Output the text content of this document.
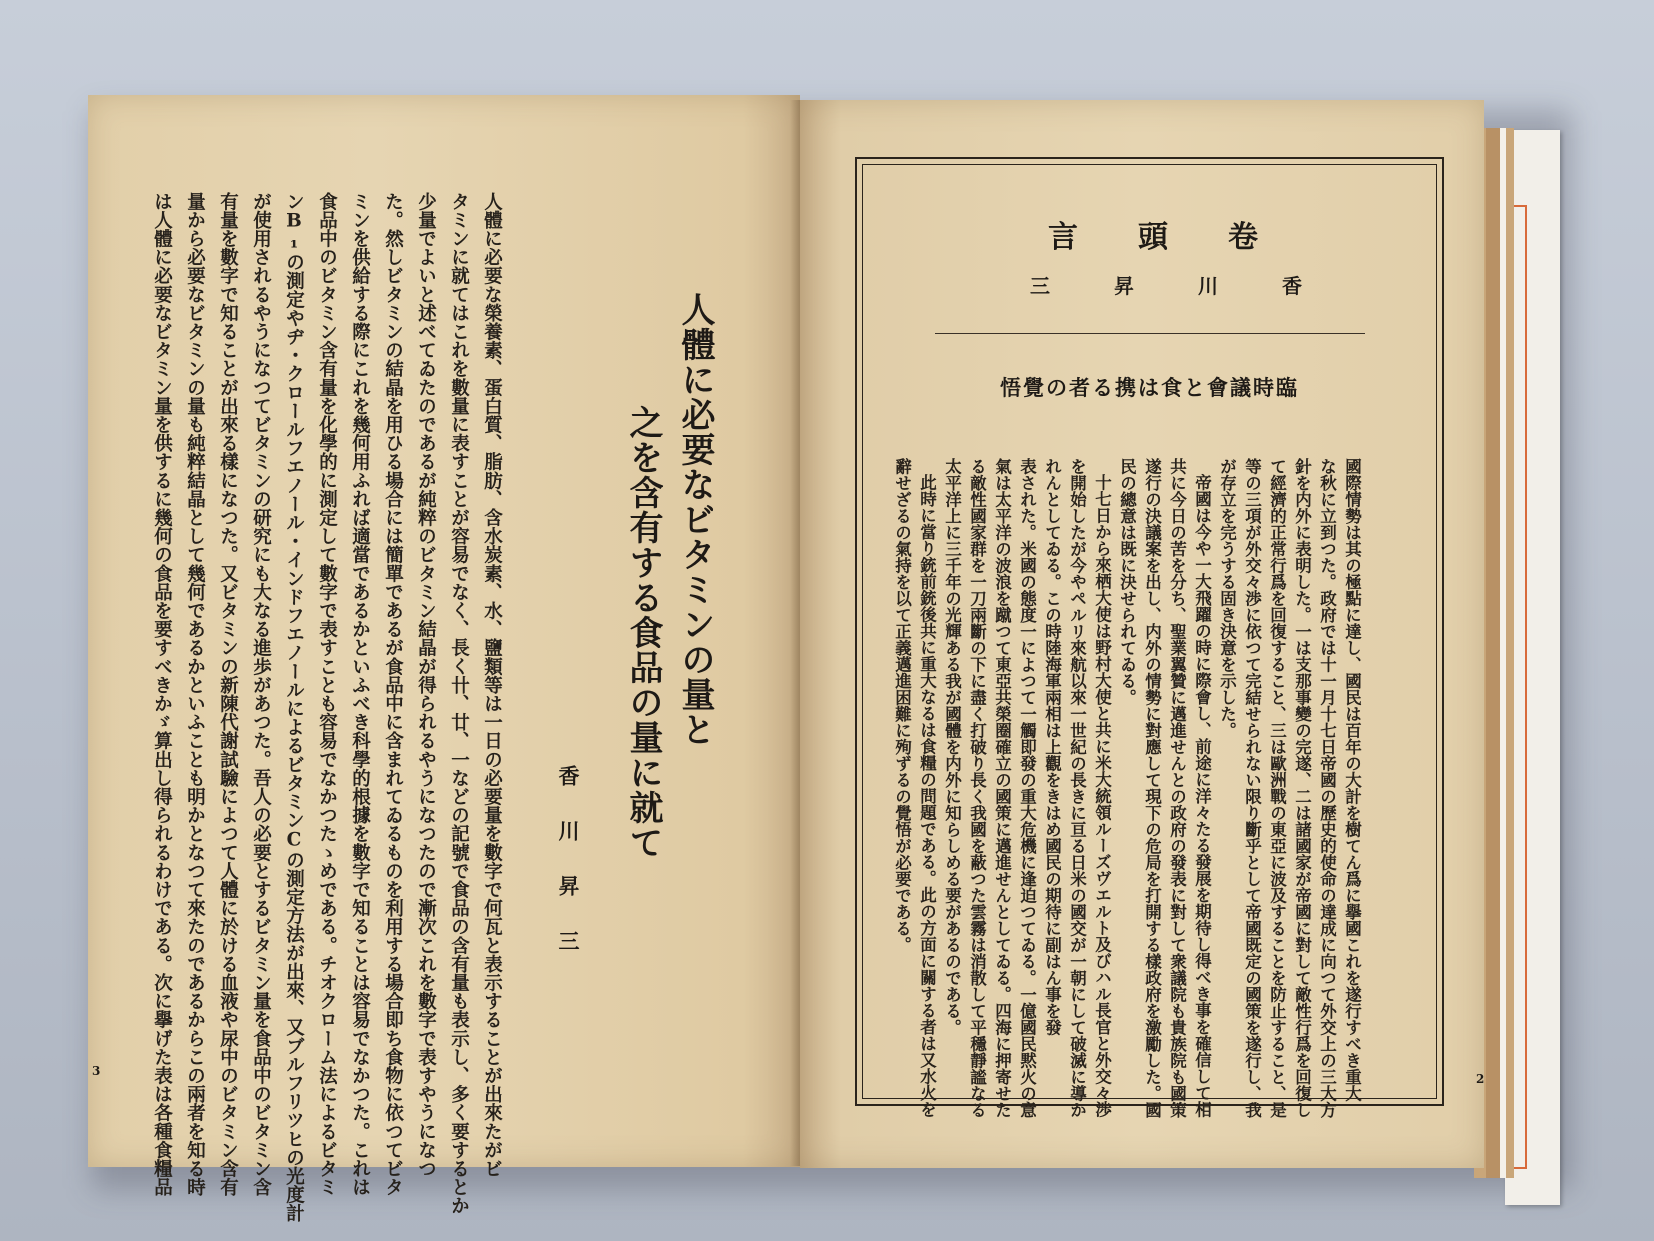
人體に必要な榮養素、蛋白質、脂肪、含水炭素、水、鹽類等は一日の必要量を數字で何瓦と表示することが出來たがビ
タミンに就てはこれを數量に表すことが容易でなく、長く卄、廿、一などの記號で食品の含有量も表示し、多く要するとか
少量でよいと述べてゐたのであるが純粹のビタミン結晶が得られるやうになつたので漸次これを數字で表すやうになつ
た。然しビタミンの結晶を用ひる場合には簡單であるが食品中に含まれてゐるものを利用する場合即ち食物に依つてビタ
ミンを供給する際にこれを幾何用ふれば適當であるかといふべき科學的根據を數字で知ることは容易でなかつた。これは
食品中のビタミン含有量を化學的に測定して數字で表すことも容易でなかつたゝめである。チオクローム法によるビタミ
ンB₁の測定やヂ・クロールフエノール・インドフエノールによるビタミンCの測定方法が出來、又ブルフリツヒの光度計
が使用されるやうになつてビタミンの研究にも大なる進歩があつた。吾人の必要とするビタミン量を食品中のビタミン含
有量を數字で知ることが出來る樣になつた。又ビタミンの新陳代謝試驗によつて人體に於ける血液や尿中のビタミン含有
量から必要なビタミンの量も純粹結晶として幾何であるかといふことも明かとなつて來たのであるからこの兩者を知る時
は人體に必要なビタミン量を供するに幾何の食品を要すべきかゞ算出し得られるわけである。次に擧げた表は各種食糧品	人體に必要なビタミンの量と
之を含有する食品の量に就て
香川昇三
3
卷頭言
香川昇三
臨時議會と食は携る者の覺悟
國際情勢は其の極點に達し、國民は百年の大計を樹てん爲に擧國これを遂行すべき重大
な秋に立到つた。政府では十一月十七日帝國の歷史的使命の達成に向つて外交上の三大方
針を内外に表明した。一は支那事變の完遂、二は諸國家が帝國に對して敵性行爲を回復し
て經濟的正常行爲を回復すること、三は歐洲戰の東亞に波及することを防止すること、是
等の三項が外交々渉に依つて完結せられない限り斷乎として帝國既定の國策を遂行し、我
が存立を完うする固き決意を示した。
帝國は今や一大飛躍の時に際會し、前途に洋々たる發展を期待し得べき事を確信して相
共に今日の苦を分ち、聖業翼贊に邁進せんとの政府の發表に對して衆議院も貴族院も國策
遂行の決議案を出し、内外の情勢に對應して現下の危局を打開する樣政府を激勵した。國
民の總意は既に決せられてゐる。
十七日から來栖大使は野村大使と共に米大統領ルーズヴエルト及びハル長官と外交々渉
を開始したが今やペルリ來航以來一世紀の長きに亘る日米の國交が一朝にして破滅に導か
れんとしてゐる。この時陸海軍兩相は上觀をきはめ國民の期待に副はん事を發
表された。米國の態度一によつて一觸即發の重大危機に逢迫つてゐる。一億國民黙火の意
氣は太平洋の波浪を蹴つて東亞共榮圈確立の國策に邁進せんとしてゐる。四海に押寄せた
る敵性國家群を一刀兩斷の下に盡く打破り長く我國を蔽つた雲霧は消散して平穩靜謐なる
太平洋上に三千年の光輝ある我が國體を内外に知らしめる要があるのである。
此時に當り銃前銃後共に重大なるは食糧の問題である。此の方面に關する者は又水火を
辭せざるの氣持を以て正義邁進困難に殉ずるの覺悟が必要である。
2
